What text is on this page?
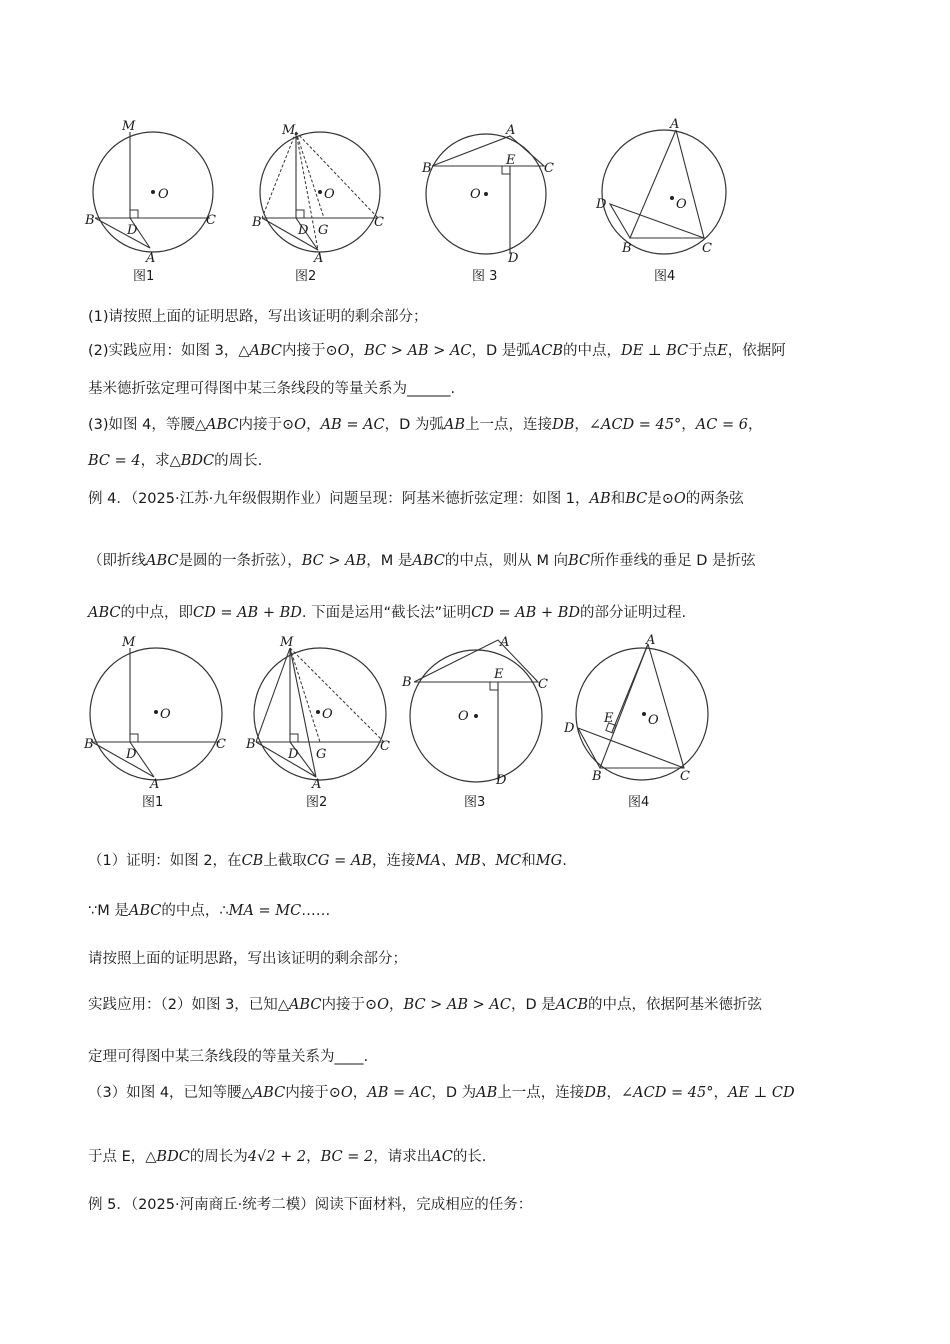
M
O
B
D
C
A
图1
M
O
B
D G
C
A
图2
A
E
B	C
O
D
图 3
A
O
D
B	C
图4
(1)请按照上面的证明思路，写出该证明的剩余部分；
(2)实践应用：如图 3，△ABC内接于⊙O，BC > AB > AC，D 是弧ACB的中点，DE ⊥ BC于点E，依据阿
基米德折弦定理可得图中某三条线段的等量关系为______.
(3)如图 4，等腰△ABC内接于⊙O，AB = AC，D 为弧AB上一点，连接DB，∠ACD = 45°，AC = 6，
BC = 4，求△BDC的周长.
例 4．（2025·江苏·九年级假期作业）问题呈现：阿基米德折弦定理：如图 1，AB和BC是⊙O的两条弦
（即折线ABC是圆的一条折弦），BC > AB，M 是ABC的中点，则从 M 向BC所作垂线的垂足 D 是折弦
ABC的中点，即CD = AB + BD. 下面是运用“截长法”证明CD = AB + BD的部分证明过程.
M
O
B
D
C
A
图1
M
O
B
D G
C
A
图2
A
E
B	C
O
D
图3
A
O
E
D
B	C
图4
（1）证明：如图 2，在CB上截取CG = AB，连接MA、MB、MC和MG.
∵M 是ABC的中点，∴MA = MC……
请按照上面的证明思路，写出该证明的剩余部分；
实践应用：（2）如图 3，已知△ABC内接于⊙O，BC > AB > AC，D 是ACB的中点，依据阿基米德折弦
定理可得图中某三条线段的等量关系为____.
（3）如图 4，已知等腰△ABC内接于⊙O，AB = AC，D 为AB上一点，连接DB，∠ACD = 45°，AE ⊥ CD
于点 E，△BDC的周长为4√2 + 2，BC = 2，请求出AC的长.
例 5．（2025·河南商丘·统考二模）阅读下面材料，完成相应的任务：
